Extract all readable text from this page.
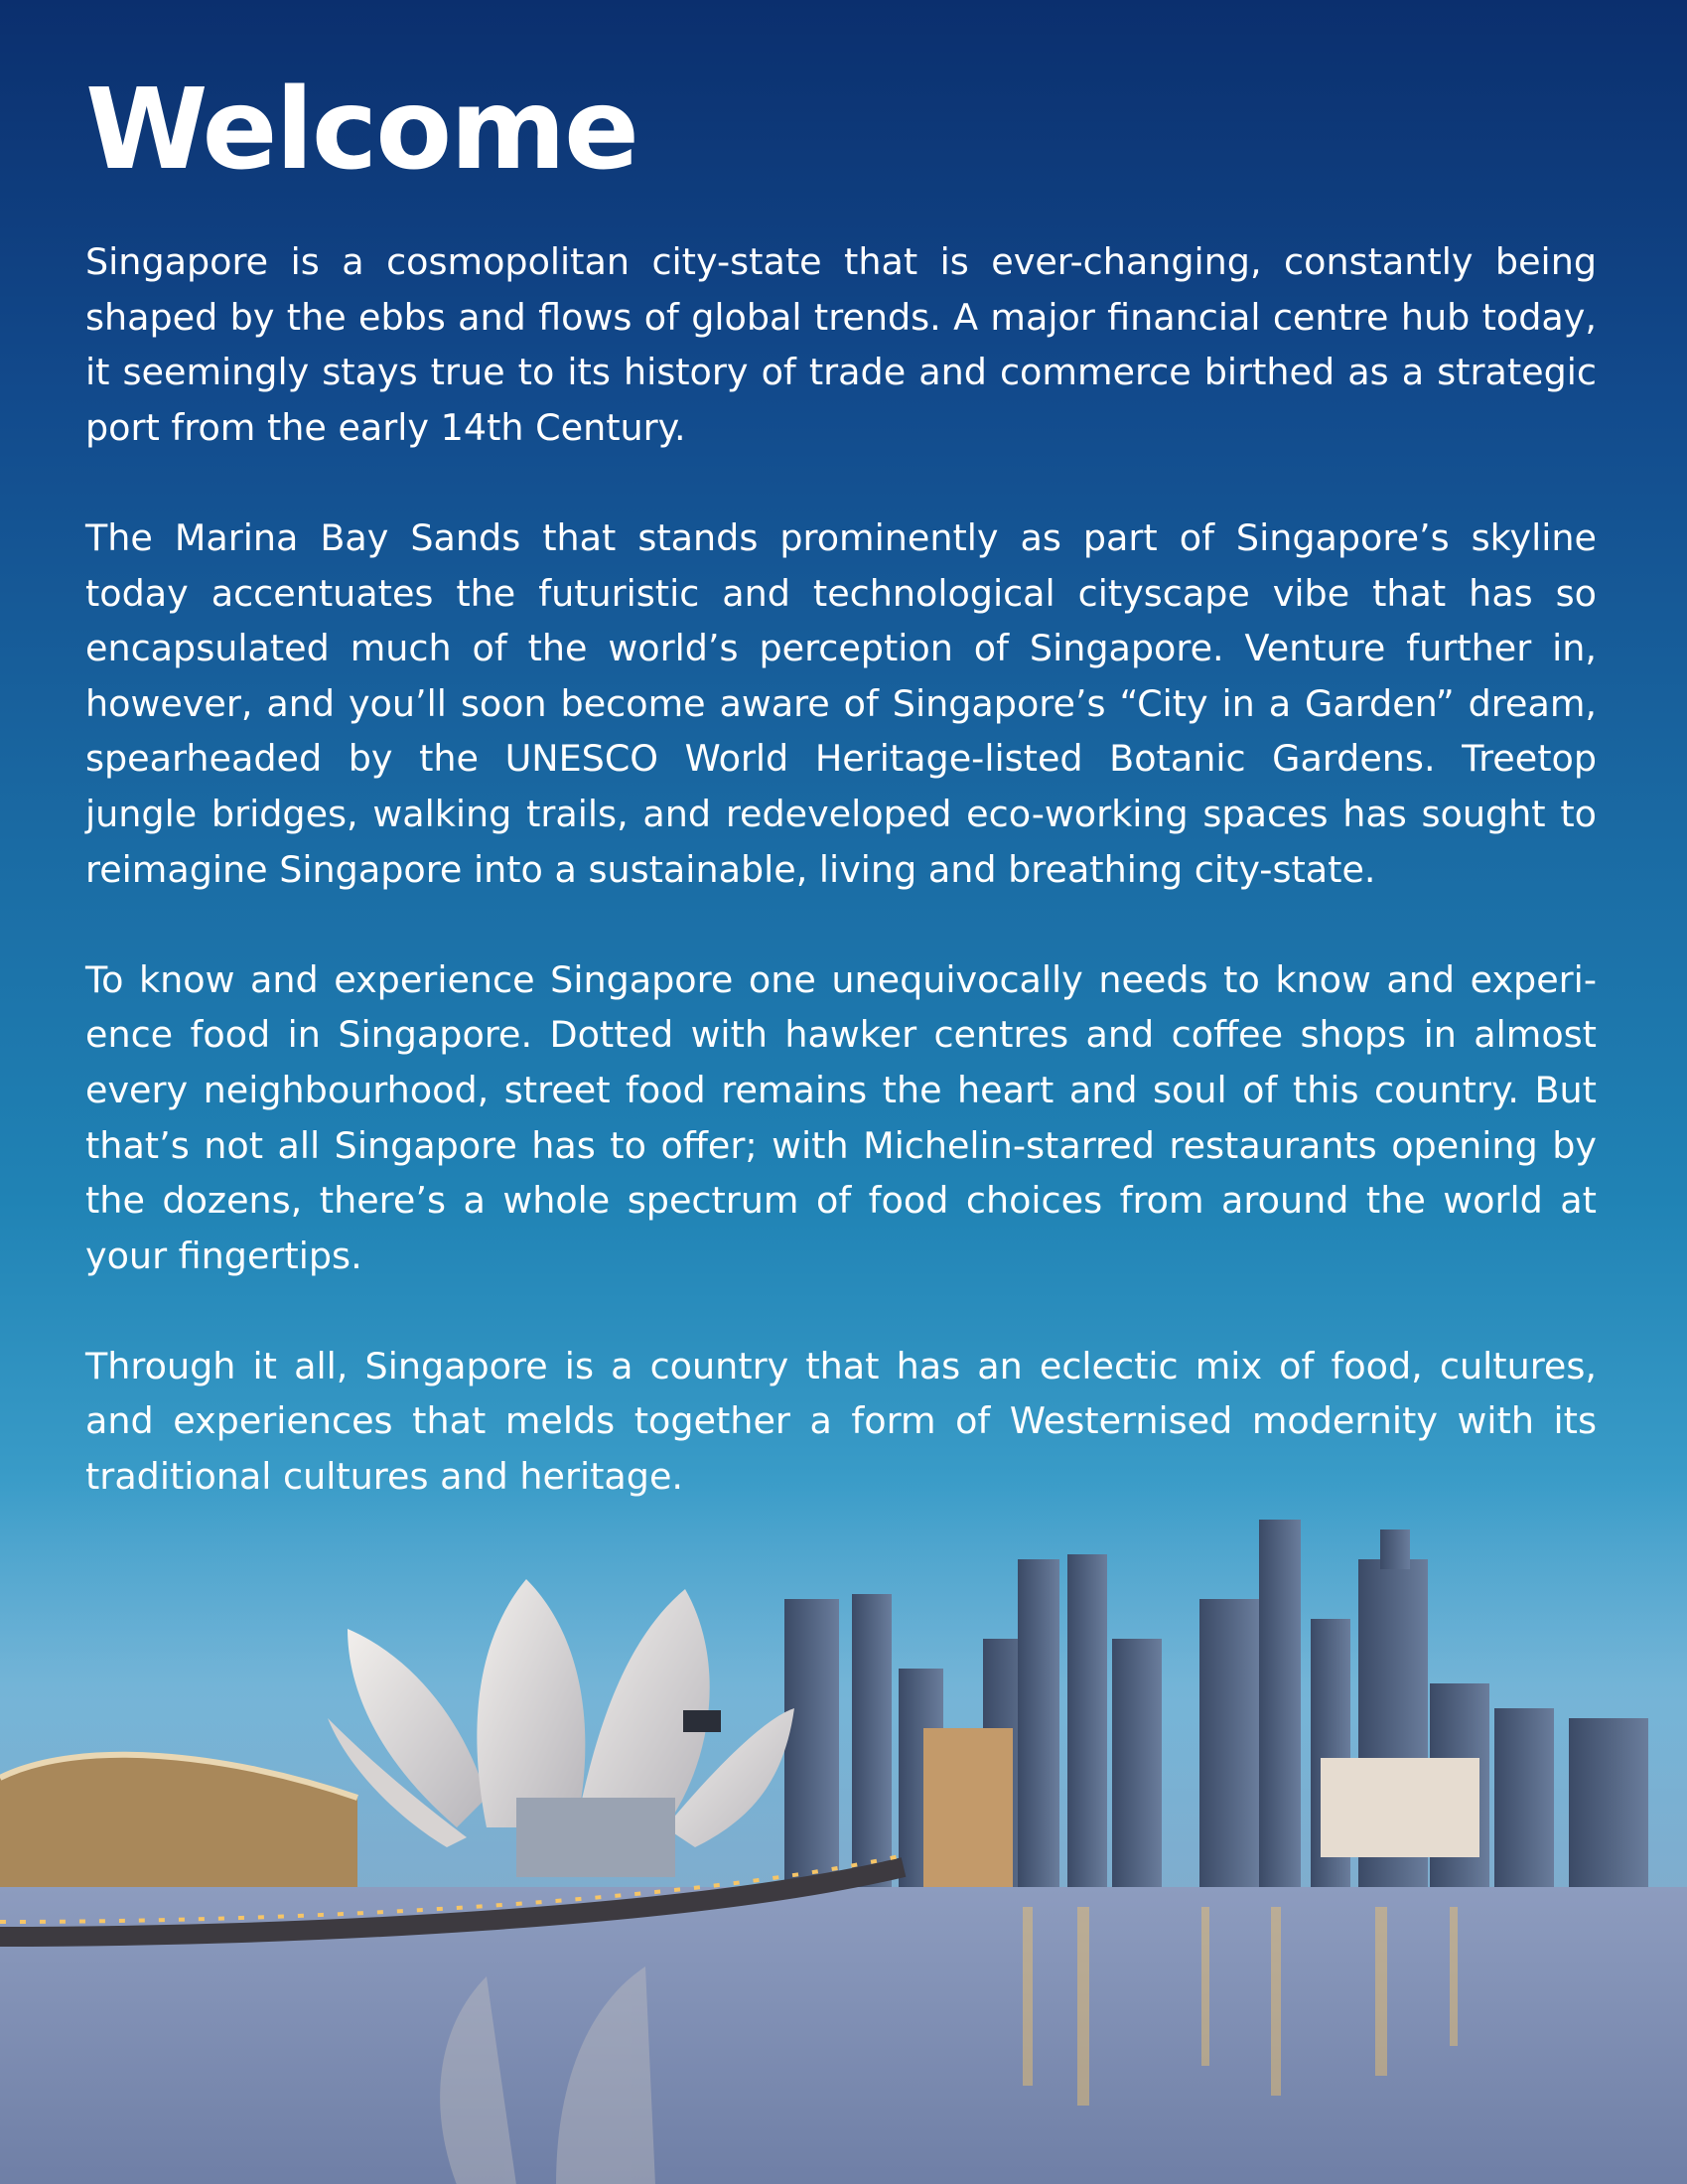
Welcome

Singapore is a cosmopolitan city-state that is ever-changing, constantly being shaped by the ebbs and flows of global trends. A major financial centre hub today, it seemingly stays true to its history of trade and commerce birthed as a strategic port from the early 14th Century.

The Marina Bay Sands that stands prominently as part of Singapore’s skyline today accentuates the futuristic and technological cityscape vibe that has so encapsulated much of the world’s perception of Singapore. Venture further in, however, and you’ll soon become aware of Singapore’s “City in a Garden” dream, spearheaded by the UNESCO World Heritage-listed Botanic Gardens. Treetop jungle bridges, walking trails, and redeveloped eco-working spaces has sought to reimagine Singapore into a sustainable, living and breathing city-state.

To know and experience Singapore one unequivocally needs to know and experience food in Singapore. Dotted with hawker centres and coffee shops in almost every neighbourhood, street food remains the heart and soul of this country. But that’s not all Singapore has to offer; with Michelin-starred restaurants opening by the dozens, there’s a whole spectrum of food choices from around the world at your fingertips.

Through it all, Singapore is a country that has an eclectic mix of food, cultures, and experiences that melds together a form of Westernised modernity with its
